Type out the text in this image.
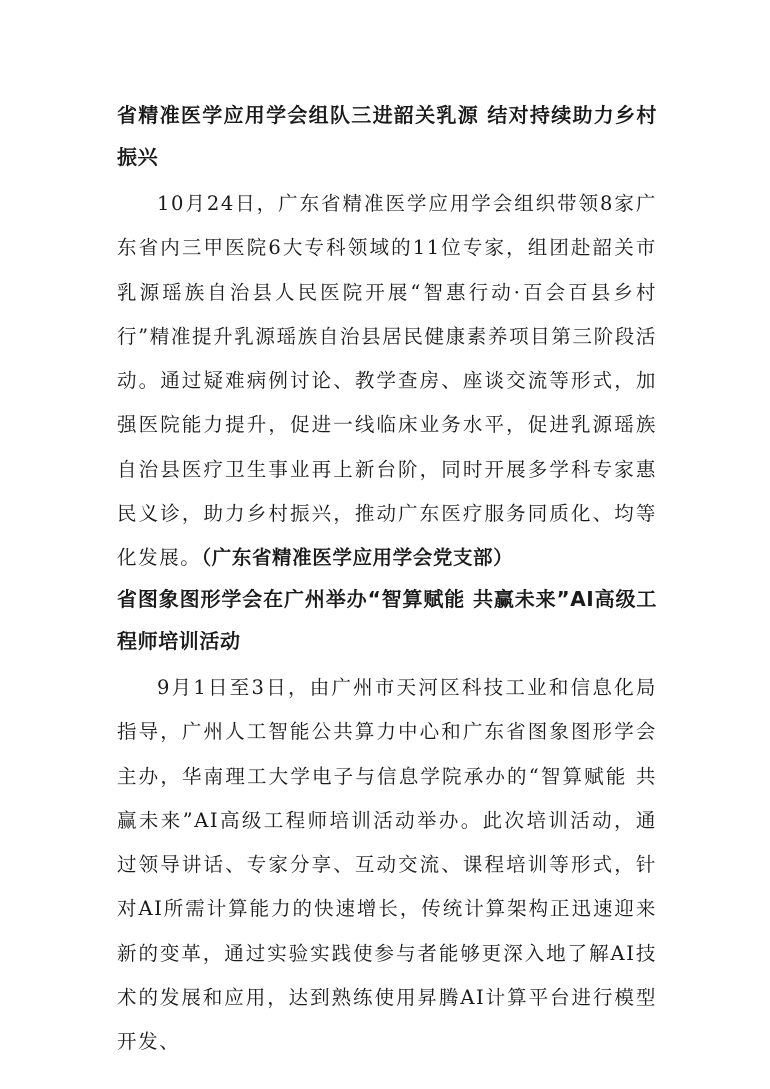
省精准医学应用学会组队三进韶关乳源 结对持续助力乡村振兴

10月24日，广东省精准医学应用学会组织带领8家广东省内三甲医院6大专科领域的11位专家，组团赴韶关市乳源瑶族自治县人民医院开展“智惠行动·百会百县乡村行”精准提升乳源瑶族自治县居民健康素养项目第三阶段活动。通过疑难病例讨论、教学查房、座谈交流等形式，加强医院能力提升，促进一线临床业务水平，促进乳源瑶族自治县医疗卫生事业再上新台阶，同时开展多学科专家惠民义诊，助力乡村振兴，推动广东医疗服务同质化、均等化发展。（广东省精准医学应用学会党支部）

省图象图形学会在广州举办“智算赋能 共赢未来”AI高级工程师培训活动

9月1日至3日，由广州市天河区科技工业和信息化局指导，广州人工智能公共算力中心和广东省图象图形学会主办，华南理工大学电子与信息学院承办的“智算赋能 共赢未来”AI高级工程师培训活动举办。此次培训活动，通过领导讲话、专家分享、互动交流、课程培训等形式，针对AI所需计算能力的快速增长，传统计算架构正迅速迎来新的变革，通过实验实践使参与者能够更深入地了解AI技术的发展和应用，达到熟练使用昇腾AI计算平台进行模型开发、
